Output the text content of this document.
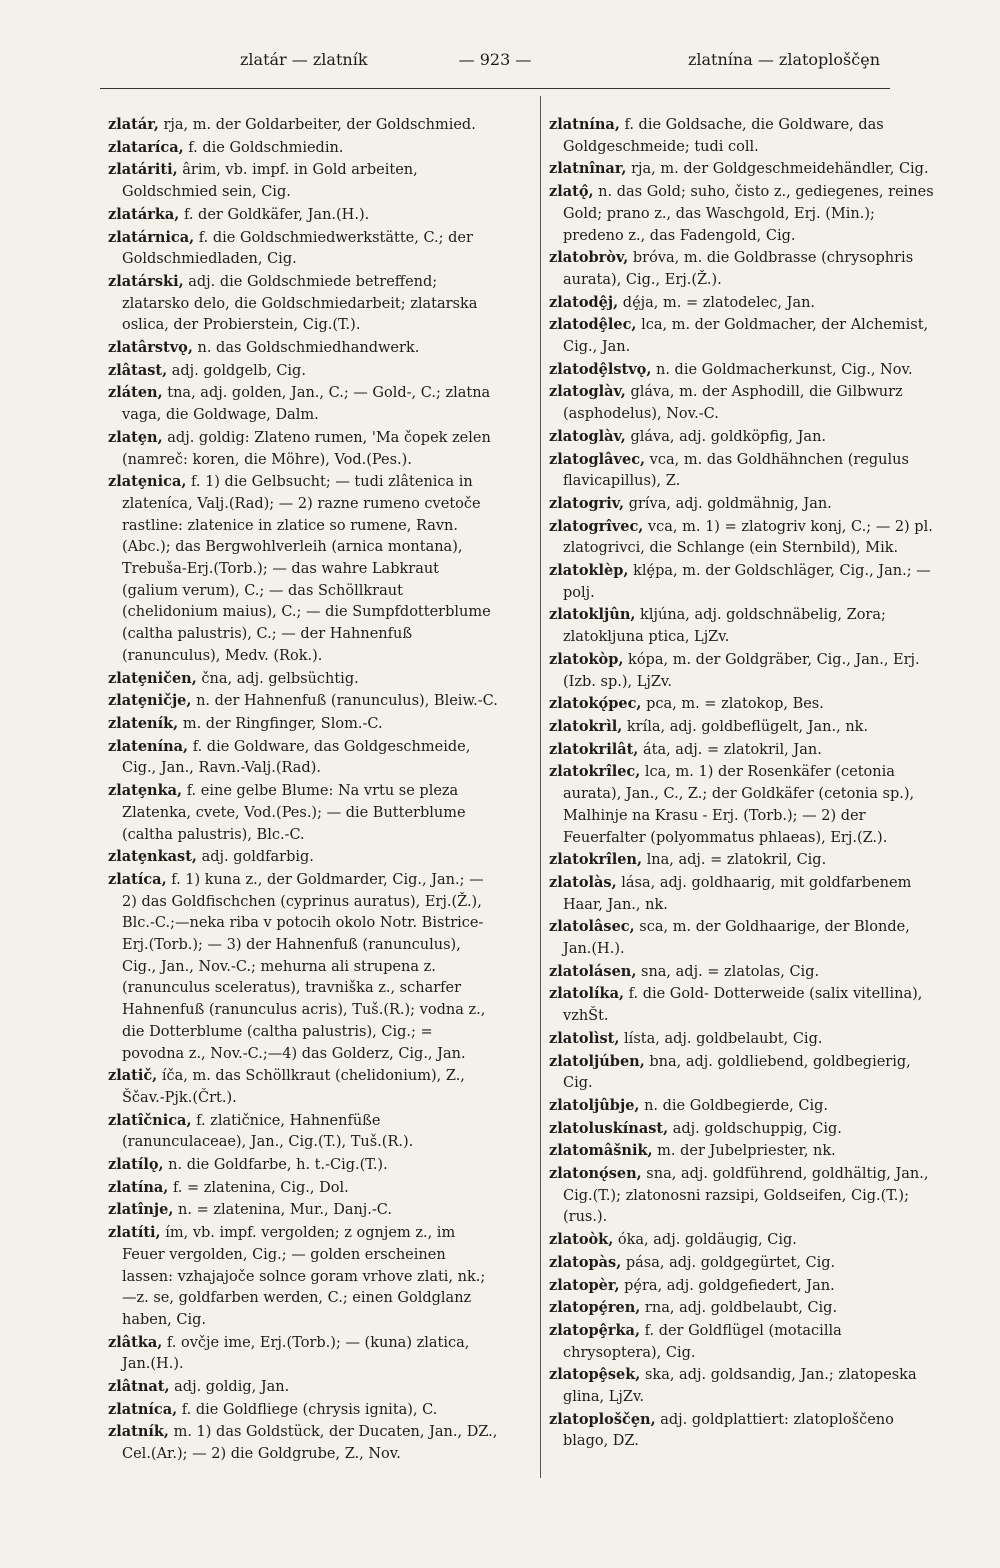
zlatár — zlatník	— 923 —	zlatnína — zlatoploščȩn

zlatár, rja, m. der Goldarbeiter, der Goldschmied.

zlataríca, f. die Goldschmiedin.

zlatáriti, ârim, vb. impf. in Gold arbeiten, Goldschmied sein, Cig.

zlatárka, f. der Goldkäfer, Jan.(H.).

zlatárnica, f. die Goldschmiedwerkstätte, C.; der Goldschmiedladen, Cig.

zlatárski, adj. die Goldschmiede betreffend; zlatarsko delo, die Goldschmiedarbeit; zlatarska oslica, der Probierstein, Cig.(T.).

zlatârstvǫ, n. das Goldschmiedhandwerk.

zlâtast, adj. goldgelb, Cig.

zláten, tna, adj. golden, Jan., C.; — Gold-, C.; zlatna vaga, die Goldwage, Dalm.

zlatȩn, adj. goldig: Zlateno rumen, 'Ma čopek zelen (namreč: koren, die Möhre), Vod.(Pes.).

zlatȩnica, f. 1) die Gelbsucht; — tudi zlâtenica in zlateníca, Valj.(Rad); — 2) razne rumeno cvetoče rastline: zlatenice in zlatice so rumene, Ravn.(Abc.); das Bergwohlverleih (arnica montana), Trebuša-Erj.(Torb.); — das wahre Labkraut (galium verum), C.; — das Schöllkraut (chelidonium maius), C.; — die Sumpfdotterblume (caltha palustris), C.; — der Hahnenfuß (ranunculus), Medv. (Rok.).

zlatȩničen, čna, adj. gelbsüchtig.

zlatȩničje, n. der Hahnenfuß (ranunculus), Bleiw.-C.

zlateník, m. der Ringfinger, Slom.-C.

zlatenína, f. die Goldware, das Goldgeschmeide, Cig., Jan., Ravn.-Valj.(Rad).

zlatȩnka, f. eine gelbe Blume: Na vrtu se pleza Zlatenka, cvete, Vod.(Pes.); — die Butterblume (caltha palustris), Blc.-C.

zlatȩnkast, adj. goldfarbig.

zlatíca, f. 1) kuna z., der Goldmarder, Cig., Jan.; — 2) das Goldfischchen (cyprinus auratus), Erj.(Ž.), Blc.-C.;—neka riba v potocih okolo Notr. Bistrice-Erj.(Torb.); — 3) der Hahnenfuß (ranunculus), Cig., Jan., Nov.-C.; mehurna ali strupena z. (ranunculus sceleratus), travniška z., scharfer Hahnenfuß (ranunculus acris), Tuš.(R.); vodna z., die Dotterblume (caltha palustris), Cig.; = povodna z., Nov.-C.;—4) das Golderz, Cig., Jan.

zlatič, íča, m. das Schöllkraut (chelidonium), Z., Ščav.-Pjk.(Črt.).

zlatîčnica, f. zlatičnice, Hahnenfüße (ranunculaceae), Jan., Cig.(T.), Tuš.(R.).

zlatílǫ, n. die Goldfarbe, h. t.-Cig.(T.).

zlatína, f. = zlatenina, Cig., Dol.

zlatînje, n. = zlatenina, Mur., Danj.-C.

zlatíti, ím, vb. impf. vergolden; z ognjem z., im Feuer vergolden, Cig.; — golden erscheinen lassen: vzhajajoče solnce goram vrhove zlati, nk.;—z. se, goldfarben werden, C.; einen Goldglanz haben, Cig.

zlâtka, f. ovčje ime, Erj.(Torb.); — (kuna) zlatica, Jan.(H.).

zlâtnat, adj. goldig, Jan.

zlatníca, f. die Goldfliege (chrysis ignita), C.

zlatník, m. 1) das Goldstück, der Ducaten, Jan., DZ., Cel.(Ar.); — 2) die Goldgrube, Z., Nov.

zlatnína, f. die Goldsache, die Goldware, das Goldgeschmeide; tudi coll.

zlatnînar, rja, m. der Goldgeschmeidehändler, Cig.

zlatǫ̂, n. das Gold; suho, čisto z., gediegenes, reines Gold; prano z., das Waschgold, Erj. (Min.); predeno z., das Fadengold, Cig.

zlatobròv, bróva, m. die Goldbrasse (chrysophris aurata), Cig., Erj.(Ž.).

zlatodȩ̂j, dȩ́ja, m. = zlatodelec, Jan.

zlatodȩ̂lec, lca, m. der Goldmacher, der Alchemist, Cig., Jan.

zlatodȩ̂lstvǫ, n. die Goldmacherkunst, Cig., Nov.

zlatoglàv, gláva, m. der Asphodill, die Gilbwurz (asphodelus), Nov.-C.

zlatoglàv, gláva, adj. goldköpfig, Jan.

zlatoglâvec, vca, m. das Goldhähnchen (regulus flavicapillus), Z.

zlatogriv, gríva, adj. goldmähnig, Jan.

zlatogrîvec, vca, m. 1) = zlatogriv konj, C.; — 2) pl. zlatogrivci, die Schlange (ein Sternbild), Mik.

zlatoklèp, klȩ́pa, m. der Goldschläger, Cig., Jan.; — polj.

zlatokljûn, kljúna, adj. goldschnäbelig, Zora; zlatokljuna ptica, LjZv.

zlatokòp, kópa, m. der Goldgräber, Cig., Jan., Erj.(Izb. sp.), LjZv.

zlatokǫ́pec, pca, m. = zlatokop, Bes.

zlatokrìl, kríla, adj. goldbeflügelt, Jan., nk.

zlatokrilât, áta, adj. = zlatokril, Jan.

zlatokrîlec, lca, m. 1) der Rosenkäfer (cetonia aurata), Jan., C., Z.; der Goldkäfer (cetonia sp.), Malhinje na Krasu - Erj. (Torb.); — 2) der Feuerfalter (polyommatus phlaeas), Erj.(Z.).

zlatokrîlen, lna, adj. = zlatokril, Cig.

zlatolàs, lása, adj. goldhaarig, mit goldfarbenem Haar, Jan., nk.

zlatolâsec, sca, m. der Goldhaarige, der Blonde, Jan.(H.).

zlatolásen, sna, adj. = zlatolas, Cig.

zlatolíka, f. die Gold- Dotterweide (salix vitellina), vzhŠt.

zlatolìst, lísta, adj. goldbelaubt, Cig.

zlatoljúben, bna, adj. goldliebend, goldbegierig, Cig.

zlatoljûbje, n. die Goldbegierde, Cig.

zlatoluskínast, adj. goldschuppig, Cig.

zlatomâšnik, m. der Jubelpriester, nk.

zlatonǫ́sen, sna, adj. goldführend, goldhältig, Jan., Cig.(T.); zlatonosni razsipi, Goldseifen, Cig.(T.); (rus.).

zlatoòk, óka, adj. goldäugig, Cig.

zlatopàs, pása, adj. goldgegürtet, Cig.

zlatopèr, pȩ́ra, adj. goldgefiedert, Jan.

zlatopȩ́ren, rna, adj. goldbelaubt, Cig.

zlatopȩ̂rka, f. der Goldflügel (motacilla chrysoptera), Cig.

zlatopȩ̂sek, ska, adj. goldsandig, Jan.; zlatopeska glina, LjZv.

zlatoploščȩn, adj. goldplattiert: zlatoploščeno blago, DZ.
